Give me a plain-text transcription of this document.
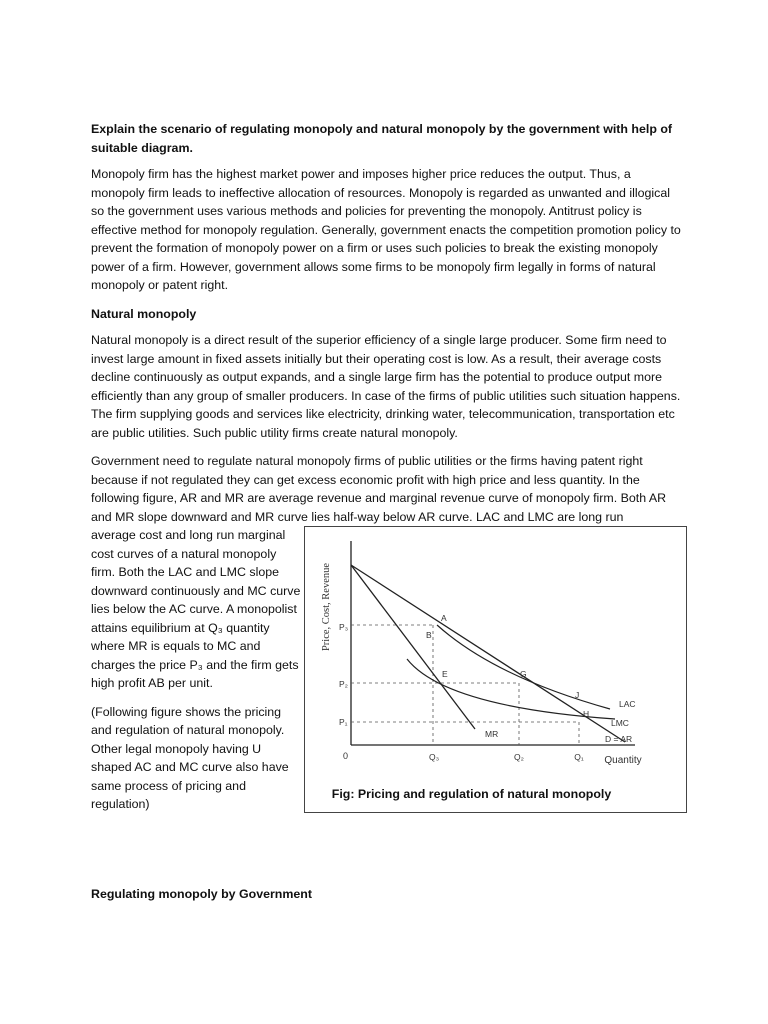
Explain the scenario of regulating monopoly and natural monopoly by the government with help of suitable diagram.

Monopoly firm has the highest market power and imposes higher price reduces the output. Thus, a monopoly firm leads to ineffective allocation of resources. Monopoly is regarded as unwanted and illogical so the government uses various methods and policies for preventing the monopoly. Antitrust policy is effective method for monopoly regulation. Generally, government enacts the competition promotion policy to prevent the formation of monopoly power on a firm or uses such policies to break the existing monopoly power of a firm. However, government allows some firms to be monopoly firm legally in forms of natural monopoly or patent right.

Natural monopoly

Natural monopoly is a direct result of the superior efficiency of a single large producer. Some firm need to invest large amount in fixed assets initially but their operating cost is low. As a result, their average costs decline continuously as output expands, and a single large firm has the potential to produce output more efficiently than any group of smaller producers. In case of the firms of public utilities such situation happens. The firm supplying goods and services like electricity, drinking water, telecommunication, transportation etc are public utilities. Such public utility firms create natural monopoly.

Government need to regulate natural monopoly firms of public utilities or the firms having patent right because if not regulated they can get excess economic profit with high price and less quantity. In the following figure, AR and MR are average revenue and marginal revenue curve of monopoly firm. Both AR and MR slope downward and MR curve lies half-way below AR curve. LAC and LMC are long run

average cost and long run marginal cost curves of a natural monopoly firm. Both the LAC and LMC slope downward continuously and MC curve lies below the AC curve. A monopolist attains equilibrium at Q₃ quantity where MR is equals to MC and charges the price P₃ and the firm gets high profit AB per unit.

(Following figure shows the pricing and regulation of natural monopoly. Other legal monopoly having U shaped AC and MC curve also have same process of pricing and regulation)

Price, Cost, Revenue
Quantity
0
P₃
P₂
P₁
A
B
E	G
J
H
LAC
LMC
D = AR
MR
Q₃	Q₂	Q₁
Fig: Pricing and regulation of natural monopoly
Regulating monopoly by Government
